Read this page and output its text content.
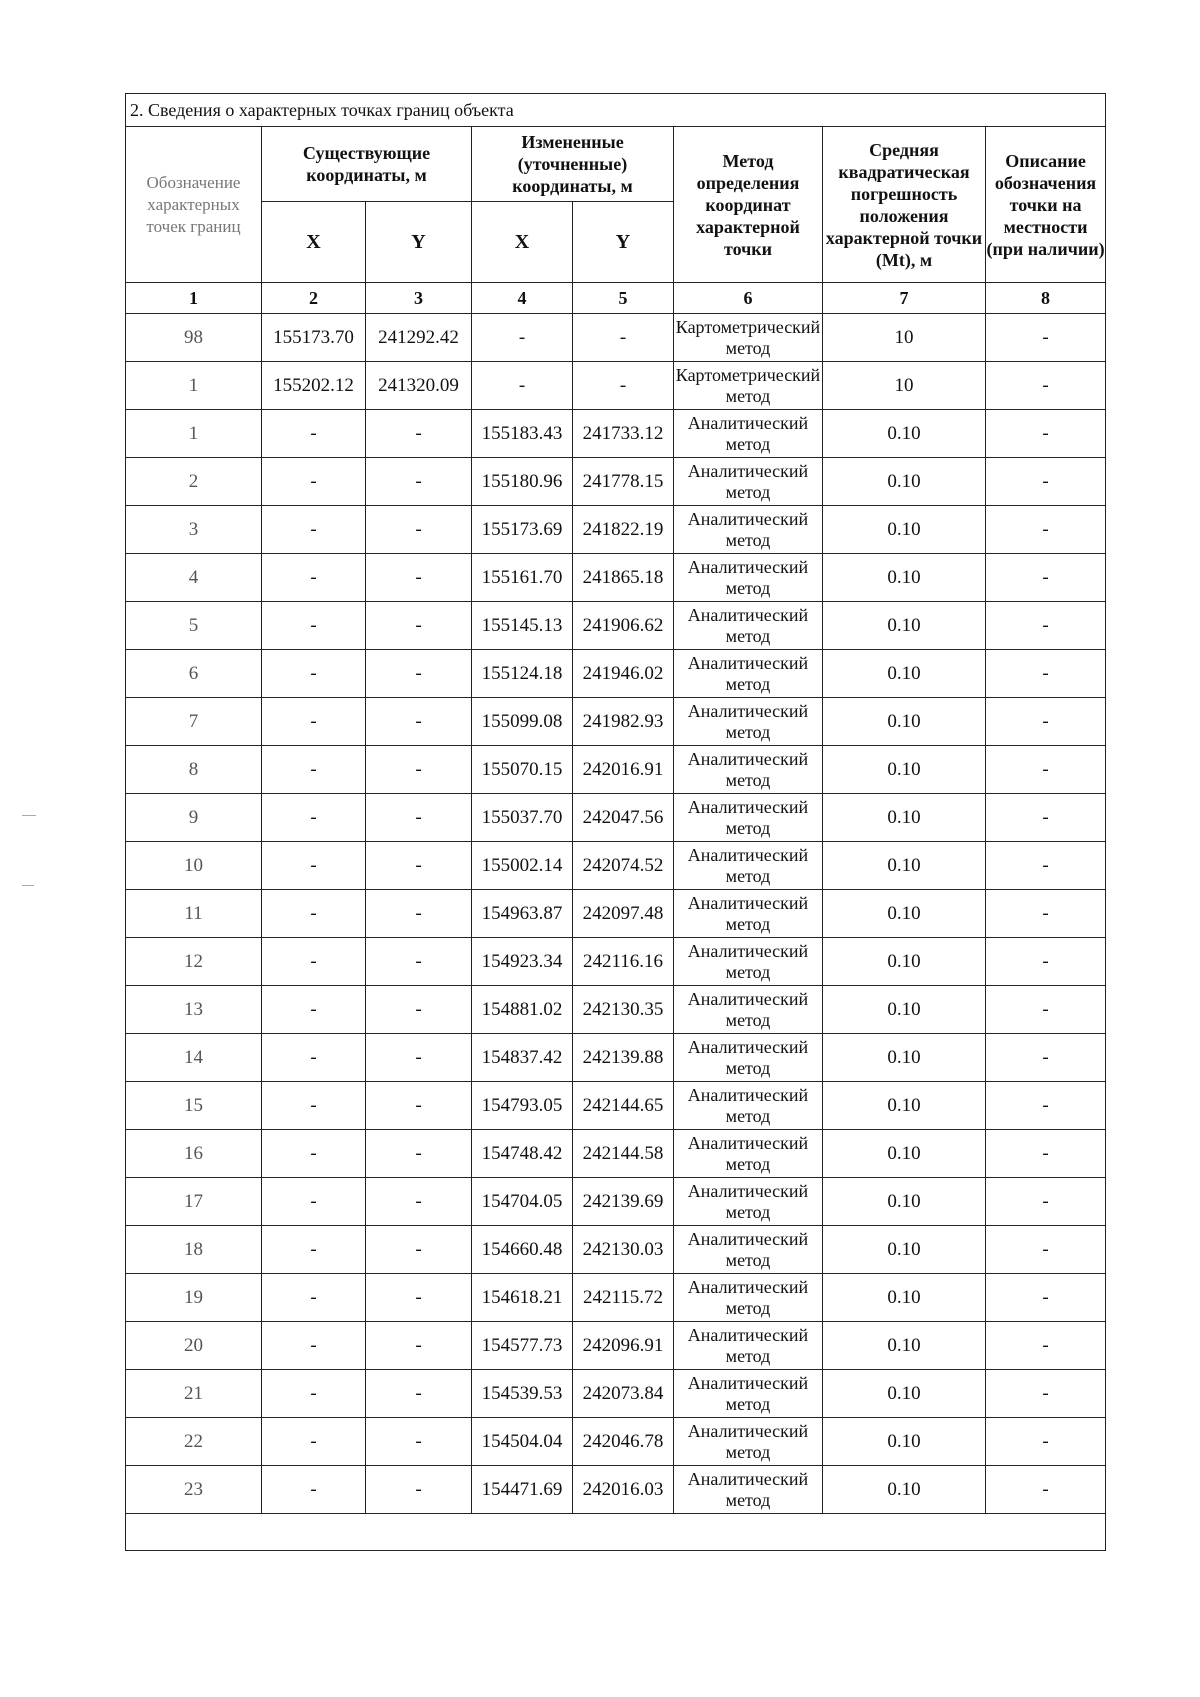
2. Сведения о характерных точках границ объекта							
Обозначение характерных точек границ	Существующие координаты, м		Измененные (уточненные) координаты, м		Метод определения координат характерной точки	Средняя квадратическая погрешность положения характерной точки (Mt), м	Описание обозначения точки на местности (при наличии)
	X	Y	X	Y			
1	2	3	4	5	6	7	8
98	155173.70	241292.42	-	-	Картометрический метод	10	-
1	155202.12	241320.09	-	-	Картометрический метод	10	-
1	-	-	155183.43	241733.12	Аналитический метод	0.10	-
2	-	-	155180.96	241778.15	Аналитический метод	0.10	-
3	-	-	155173.69	241822.19	Аналитический метод	0.10	-
4	-	-	155161.70	241865.18	Аналитический метод	0.10	-
5	-	-	155145.13	241906.62	Аналитический метод	0.10	-
6	-	-	155124.18	241946.02	Аналитический метод	0.10	-
7	-	-	155099.08	241982.93	Аналитический метод	0.10	-
8	-	-	155070.15	242016.91	Аналитический метод	0.10	-
9	-	-	155037.70	242047.56	Аналитический метод	0.10	-
10	-	-	155002.14	242074.52	Аналитический метод	0.10	-
11	-	-	154963.87	242097.48	Аналитический метод	0.10	-
12	-	-	154923.34	242116.16	Аналитический метод	0.10	-
13	-	-	154881.02	242130.35	Аналитический метод	0.10	-
14	-	-	154837.42	242139.88	Аналитический метод	0.10	-
15	-	-	154793.05	242144.65	Аналитический метод	0.10	-
16	-	-	154748.42	242144.58	Аналитический метод	0.10	-
17	-	-	154704.05	242139.69	Аналитический метод	0.10	-
18	-	-	154660.48	242130.03	Аналитический метод	0.10	-
19	-	-	154618.21	242115.72	Аналитический метод	0.10	-
20	-	-	154577.73	242096.91	Аналитический метод	0.10	-
21	-	-	154539.53	242073.84	Аналитический метод	0.10	-
22	-	-	154504.04	242046.78	Аналитический метод	0.10	-
23	-	-	154471.69	242016.03	Аналитический метод	0.10	-
